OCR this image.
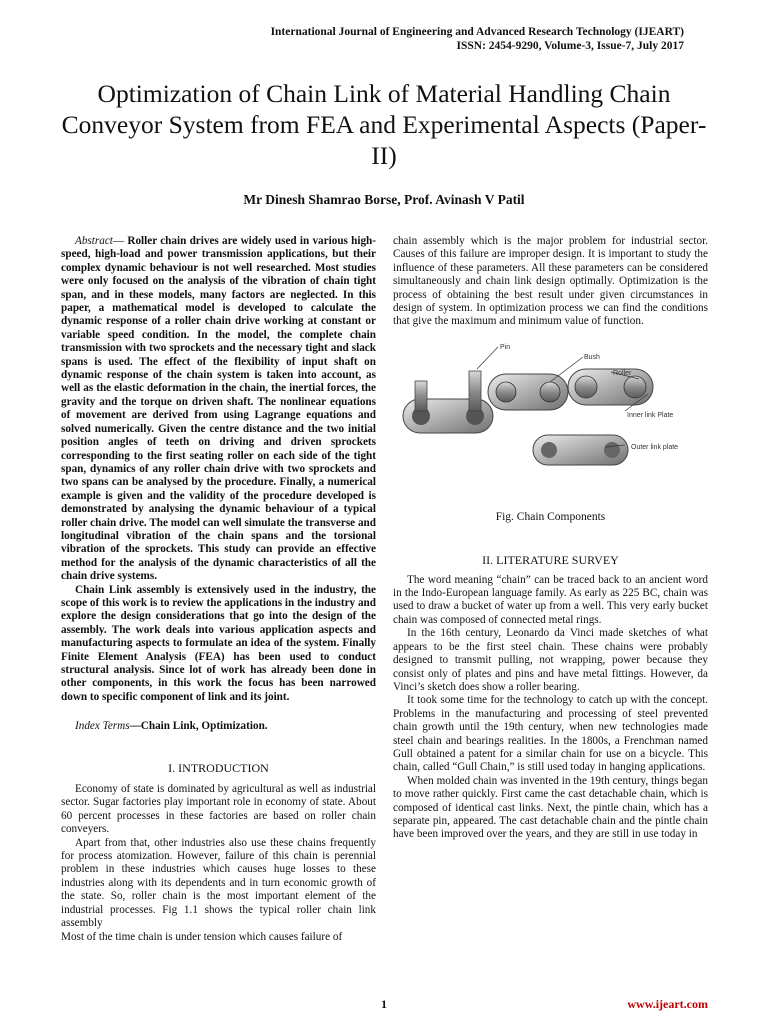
International Journal of Engineering and Advanced Research Technology (IJEART)
ISSN: 2454-9290, Volume-3, Issue-7, July 2017
Optimization of Chain Link of Material Handling Chain Conveyor System from FEA and Experimental Aspects (Paper-II)
Mr Dinesh Shamrao Borse, Prof. Avinash V Patil

Abstract— Roller chain drives are widely used in various high-speed, high-load and power transmission applications, but their complex dynamic behaviour is not well researched. Most studies were only focused on the analysis of the vibration of chain tight span, and in these models, many factors are neglected. In this paper, a mathematical model is developed to calculate the dynamic response of a roller chain drive working at constant or variable speed condition. In the model, the complete chain transmission with two sprockets and the necessary tight and slack spans is used. The effect of the flexibility of input shaft on dynamic response of the chain system is taken into account, as well as the elastic deformation in the chain, the inertial forces, the gravity and the torque on driven shaft. The nonlinear equations of movement are derived from using Lagrange equations and solved numerically. Given the centre distance and the two initial position angles of teeth on driving and driven sprockets corresponding to the first seating roller on each side of the tight span, dynamics of any roller chain drive with two sprockets and two spans can be analysed by the procedure. Finally, a numerical example is given and the validity of the procedure developed is demonstrated by analysing the dynamic behaviour of a typical roller chain drive. The model can well simulate the transverse and longitudinal vibration of the chain spans and the torsional vibration of the sprockets. This study can provide an effective method for the analysis of the dynamic characteristics of all the chain drive systems.

Chain Link assembly is extensively used in the industry, the scope of this work is to review the applications in the industry and explore the design considerations that go into the design of the assembly. The work deals into various application aspects and manufacturing aspects to formulate an idea of the system. Finally Finite Element Analysis (FEA) has been used to conduct structural analysis. Since lot of work has already been done in other components, in this work the focus has been narrowed down to specific component of link and its joint.

Index Terms—Chain Link, Optimization.

I. INTRODUCTION

Economy of state is dominated by agricultural as well as industrial sector. Sugar factories play important role in economy of state. About 60 percent processes in these factories are based on roller chain conveyers.

Apart from that, other industries also use these chains frequently for process atomization. However, failure of this chain is perennial problem in these industries which causes huge losses to these industries along with its dependents and in turn economic growth of the state. So, roller chain is the most important element of the industrial processes. Fig 1.1 shows the typical roller chain link assembly

Most of the time chain is under tension which causes failure of

chain assembly which is the major problem for industrial sector. Causes of this failure are improper design. It is important to study the influence of these parameters. All these parameters can be considered simultaneously and chain link design optimally. Optimization is the process of obtaining the best result under given circumstances in design of system. In optimization process we can find the conditions that give the maximum and minimum value of function.

Pin
Bush
Roller
Inner link Plate
Outer link plate

Fig. Chain Components

II. LITERATURE SURVEY

The word meaning “chain” can be traced back to an ancient word in the Indo-European language family. As early as 225 BC, chain was used to draw a bucket of water up from a well. This very early bucket chain was composed of connected metal rings.

In the 16th century, Leonardo da Vinci made sketches of what appears to be the first steel chain. These chains were probably designed to transmit pulling, not wrapping, power because they consist only of plates and pins and have metal fittings. However, da Vinci’s sketch does show a roller bearing.

It took some time for the technology to catch up with the concept. Problems in the manufacturing and processing of steel prevented chain growth until the 19th century, when new technologies made steel chain and bearings realities. In the 1800s, a Frenchman named Gull obtained a patent for a similar chain for use on a bicycle. This chain, called “Gull Chain,” is still used today in hanging applications.

When molded chain was invented in the 19th century, things began to move rather quickly. First came the cast detachable chain, which is composed of identical cast links. Next, the pintle chain, which has a separate pin, appeared. The cast detachable chain and the pintle chain have been improved over the years, and they are still in use today in

1	www.ijeart.com
